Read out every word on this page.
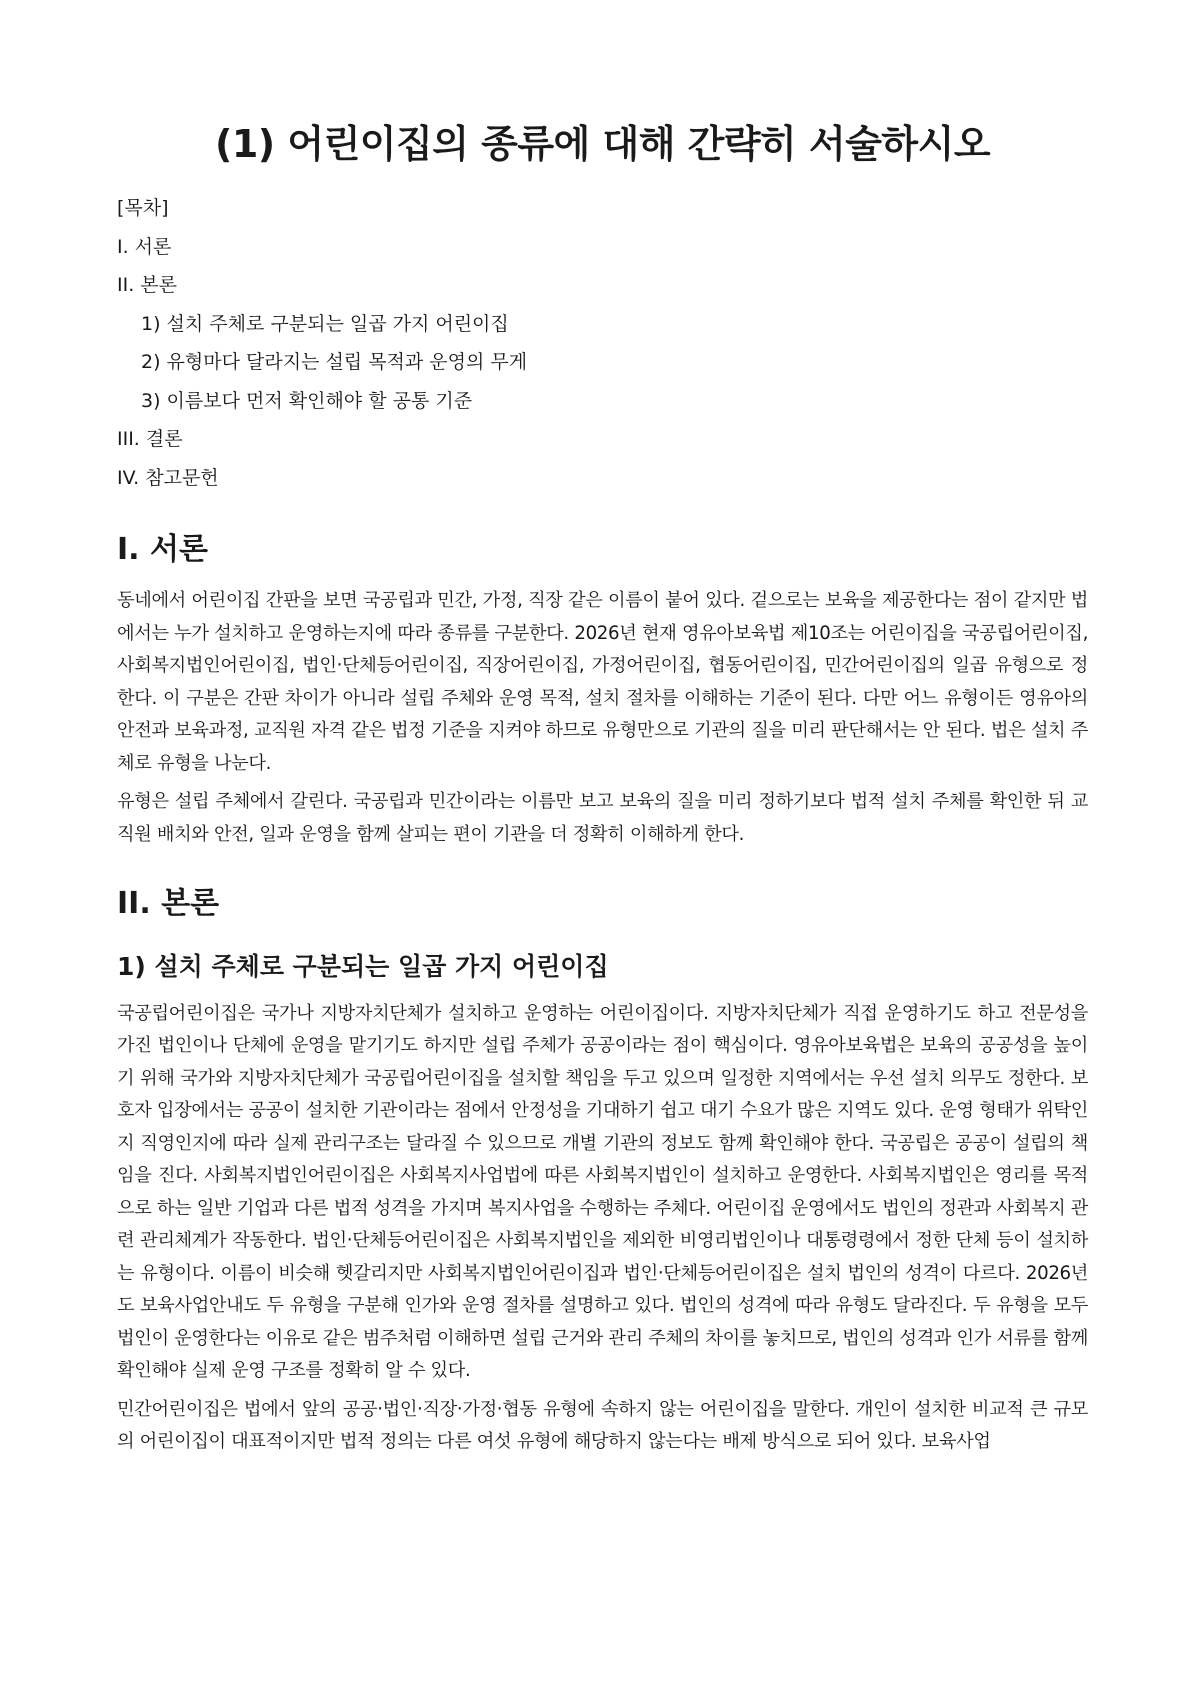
(1) 어린이집의 종류에 대해 간략히 서술하시오

[목차]

I. 서론

II. 본론

1) 설치 주체로 구분되는 일곱 가지 어린이집

2) 유형마다 달라지는 설립 목적과 운영의 무게

3) 이름보다 먼저 확인해야 할 공통 기준

III. 결론

IV. 참고문헌

I. 서론

동네에서 어린이집 간판을 보면 국공립과 민간, 가정, 직장 같은 이름이 붙어 있다. 겉으로는 보육을 제공한다는 점이 같지만 법에서는 누가 설치하고 운영하는지에 따라 종류를 구분한다. 2026년 현재 영유아보육법 제10조는 어린이집을 국공립어린이집, 사회복지법인어린이집, 법인·단체등어린이집, 직장어린이집, 가정어린이집, 협동어린이집, 민간어린이집의 일곱 유형으로 정한다. 이 구분은 간판 차이가 아니라 설립 주체와 운영 목적, 설치 절차를 이해하는 기준이 된다. 다만 어느 유형이든 영유아의 안전과 보육과정, 교직원 자격 같은 법정 기준을 지켜야 하므로 유형만으로 기관의 질을 미리 판단해서는 안 된다. 법은 설치 주체로 유형을 나눈다.

유형은 설립 주체에서 갈린다. 국공립과 민간이라는 이름만 보고 보육의 질을 미리 정하기보다 법적 설치 주체를 확인한 뒤 교직원 배치와 안전, 일과 운영을 함께 살피는 편이 기관을 더 정확히 이해하게 한다.

II. 본론
1) 설치 주체로 구분되는 일곱 가지 어린이집

국공립어린이집은 국가나 지방자치단체가 설치하고 운영하는 어린이집이다. 지방자치단체가 직접 운영하기도 하고 전문성을 가진 법인이나 단체에 운영을 맡기기도 하지만 설립 주체가 공공이라는 점이 핵심이다. 영유아보육법은 보육의 공공성을 높이기 위해 국가와 지방자치단체가 국공립어린이집을 설치할 책임을 두고 있으며 일정한 지역에서는 우선 설치 의무도 정한다. 보호자 입장에서는 공공이 설치한 기관이라는 점에서 안정성을 기대하기 쉽고 대기 수요가 많은 지역도 있다. 운영 형태가 위탁인지 직영인지에 따라 실제 관리구조는 달라질 수 있으므로 개별 기관의 정보도 함께 확인해야 한다. 국공립은 공공이 설립의 책임을 진다. 사회복지법인어린이집은 사회복지사업법에 따른 사회복지법인이 설치하고 운영한다. 사회복지법인은 영리를 목적으로 하는 일반 기업과 다른 법적 성격을 가지며 복지사업을 수행하는 주체다. 어린이집 운영에서도 법인의 정관과 사회복지 관련 관리체계가 작동한다. 법인·단체등어린이집은 사회복지법인을 제외한 비영리법인이나 대통령령에서 정한 단체 등이 설치하는 유형이다. 이름이 비슷해 헷갈리지만 사회복지법인어린이집과 법인·단체등어린이집은 설치 법인의 성격이 다르다. 2026년도 보육사업안내도 두 유형을 구분해 인가와 운영 절차를 설명하고 있다. 법인의 성격에 따라 유형도 달라진다. 두 유형을 모두 법인이 운영한다는 이유로 같은 범주처럼 이해하면 설립 근거와 관리 주체의 차이를 놓치므로, 법인의 성격과 인가 서류를 함께 확인해야 실제 운영 구조를 정확히 알 수 있다.

민간어린이집은 법에서 앞의 공공·법인·직장·가정·협동 유형에 속하지 않는 어린이집을 말한다. 개인이 설치한 비교적 큰 규모의 어린이집이 대표적이지만 법적 정의는 다른 여섯 유형에 해당하지 않는다는 배제 방식으로 되어 있다. 보육사업
